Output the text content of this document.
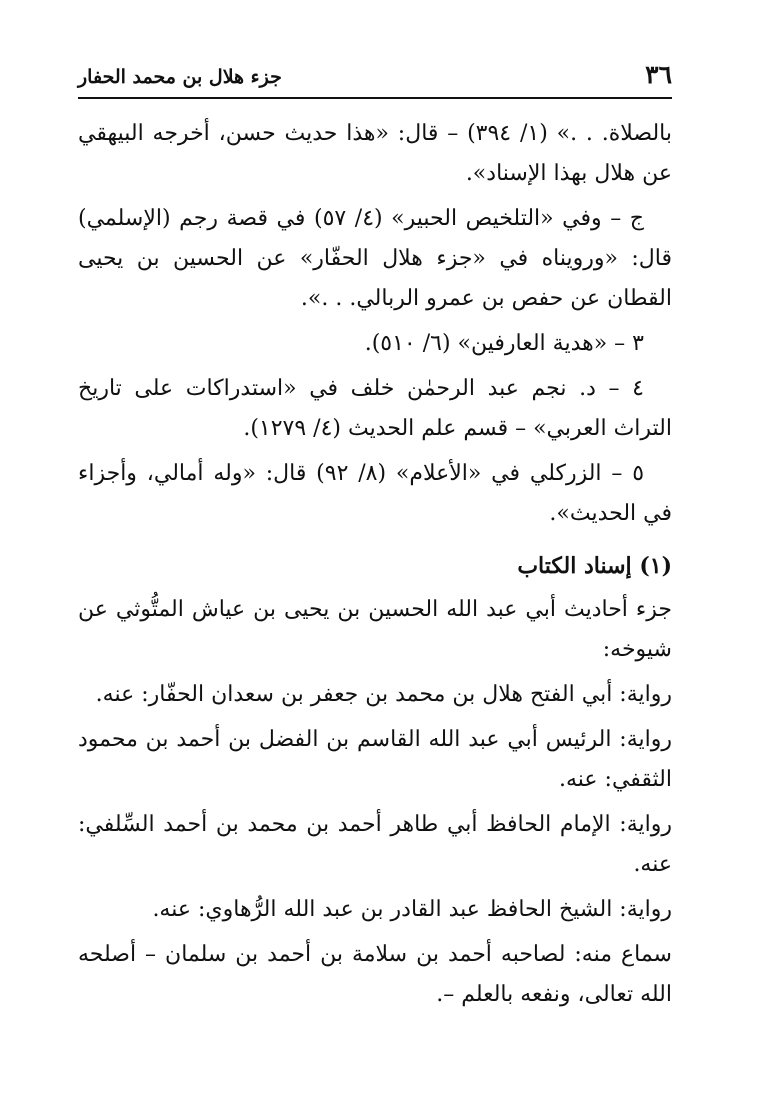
٣٦
جزء هلال بن محمد الحفار

بالصلاة. . .» (١/ ٣٩٤) – قال: «هذا حديث حسن، أخرجه البيهقي عن هلال بهذا الإسناد».

ج – وفي «التلخيص الحبير» (٤/ ٥٧) في قصة رجم (الإسلمي) قال: «ورويناه في «جزء هلال الحفّار» عن الحسين بن يحيى القطان عن حفص بن عمرو الربالي. . .».

٣ – «هدية العارفين» (٦/ ٥١٠).

٤ – د. نجم عبد الرحمٰن خلف في «استدراكات على تاريخ التراث العربي» – قسم علم الحديث (٤/ ١٢٧٩).

٥ – الزركلي في «الأعلام» (٨/ ٩٢) قال: «وله أمالي، وأجزاء في الحديث».

(١) إسناد الكتاب

جزء أحاديث أبي عبد الله الحسين بن يحيى بن عياش المتُّوثي عن شيوخه:

رواية: أبي الفتح هلال بن محمد بن جعفر بن سعدان الحفّار: عنه.

رواية: الرئيس أبي عبد الله القاسم بن الفضل بن أحمد بن محمود الثقفي: عنه.

رواية: الإمام الحافظ أبي طاهر أحمد بن محمد بن أحمد السِّلفي: عنه.

رواية: الشيخ الحافظ عبد القادر بن عبد الله الرُّهاوي: عنه.

سماع منه: لصاحبه أحمد بن سلامة بن أحمد بن سلمان – أصلحه الله تعالى، ونفعه بالعلم –.
